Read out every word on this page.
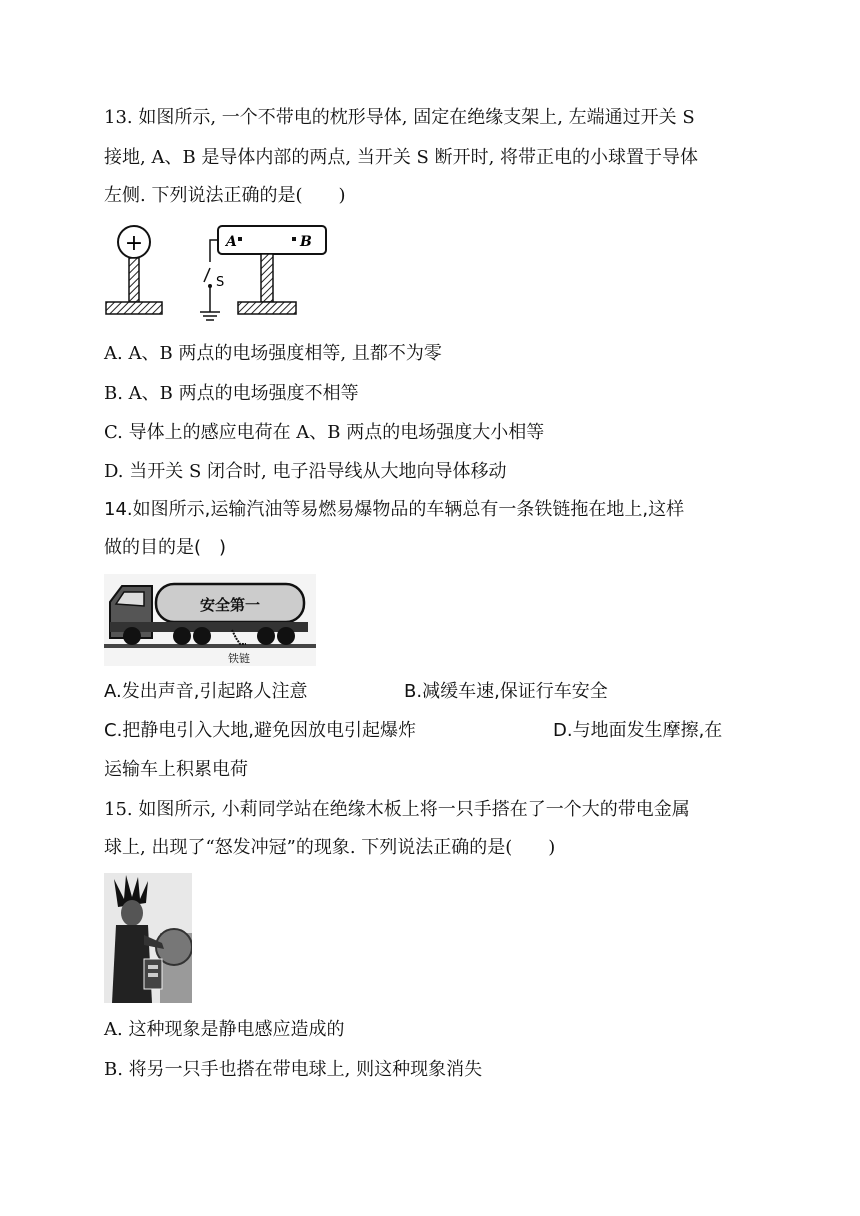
13. 如图所示, 一个不带电的枕形导体, 固定在绝缘支架上, 左端通过开关 S
接地, A、B 是导体内部的两点, 当开关 S 断开时, 将带正电的小球置于导体
左侧. 下列说法正确的是(　　)
+	A	B
S
A. A、B 两点的电场强度相等, 且都不为零
B. A、B 两点的电场强度不相等
C. 导体上的感应电荷在 A、B 两点的电场强度大小相等
D. 当开关 S 闭合时, 电子沿导线从大地向导体移动
14.如图所示,运输汽油等易燃易爆物品的车辆总有一条铁链拖在地上,这样
做的目的是(　)
安全第一
铁链
A.发出声音,引起路人注意	B.减缓车速,保证行车安全
C.把静电引入大地,避免因放电引起爆炸	D.与地面发生摩擦,在
运输车上积累电荷
15. 如图所示, 小莉同学站在绝缘木板上将一只手搭在了一个大的带电金属
球上, 出现了“怒发冲冠”的现象. 下列说法正确的是(　　)
A. 这种现象是静电感应造成的
B. 将另一只手也搭在带电球上, 则这种现象消失
